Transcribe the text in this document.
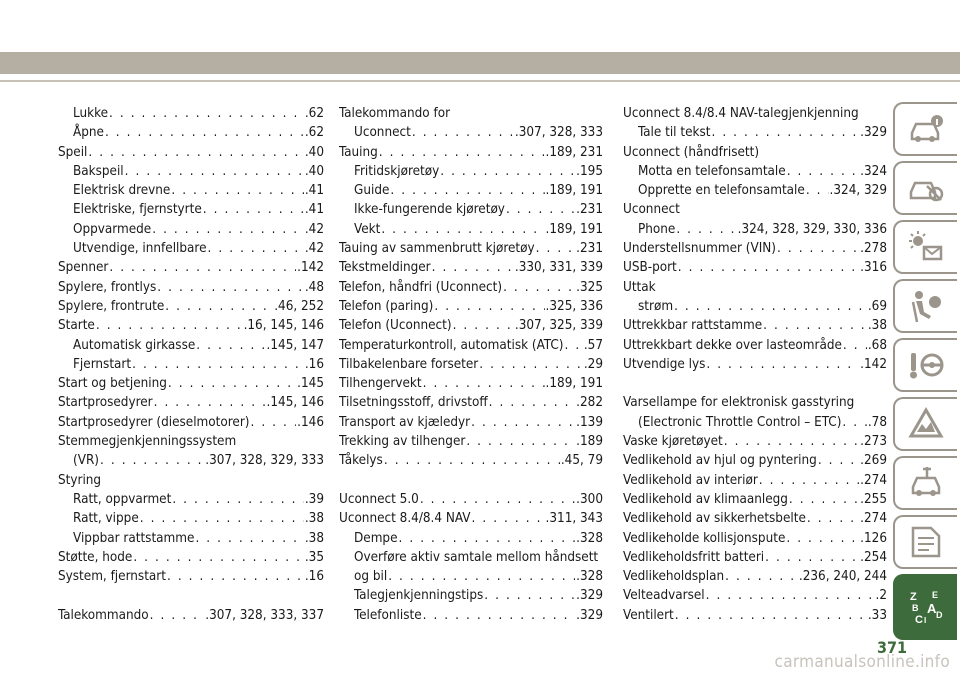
Lukke . . .	.62
Åpne . . .	.62
Speil . . .	.40
Bakspeil . . .	.40
Elektrisk drevne . . .	.41
Elektriske, fjernstyrte . . .	.41
Oppvarmede . . .	.42
Utvendige, innfellbare . . .	.42
Spenner . . .	.142
Spylere, frontlys . . .	.48
Spylere, frontrute . . .	.46, 252
Starte . . .	.16, 145, 146
Automatisk girkasse . . .	.145, 147
Fjernstart . . .	.16
Start og betjening . . .	.145
Startprosedyrer . . .	.145, 146
Startprosedyrer (dieselmotorer) . . .	.146
Stemmegjenkjenningssystem
(VR) . . .	.307, 328, 329, 333
Styring
Ratt, oppvarmet . . .	.39
Ratt, vippe . . .	.38
Vippbar rattstamme . . .	.38
Støtte, hode . . .	.35
System, fjernstart . . .	.16
Talekommando . . .	.307, 328, 333, 337
Talekommando for
Uconnect . . .	.307, 328, 333
Tauing . . .	.189, 231
Fritidskjøretøy . . .	.195
Guide . . .	.189, 191
Ikke-fungerende kjøretøy . . .	.231
Vekt . . .	.189, 191
Tauing av sammenbrutt kjøretøy . . .	.231
Tekstmeldinger . . .	.330, 331, 339
Telefon, håndfri (Uconnect) . . .	.325
Telefon (paring) . . .	.325, 336
Telefon (Uconnect) . . .	.307, 325, 339
Temperaturkontroll, automatisk (ATC) . . . .57
Tilbakelenbare forseter . . .	.29
Tilhengervekt . . .	.189, 191
Tilsetningsstoff, drivstoff . . .	.282
Transport av kjæledyr . . .	.139
Trekking av tilhenger . . .	.189
Tåkelys . . .	.45, 79
Uconnect 5.0 . . .	.300
Uconnect 8.4/8.4 NAV . . .	.311, 343
Dempe . . .	.328
Overføre aktiv samtale mellom håndsett
og bil . . .	.328
Talegjenkjenningstips . . .	.329
Telefonliste . . .	.329
Uconnect 8.4/8.4 NAV-talegjenkjenning
Tale til tekst . . .	.329
Uconnect (håndfrisett)
Motta en telefonsamtale . . .	.324
Opprette en telefonsamtale . . . .324, 329
Uconnect
Phone . . .	.324, 328, 329, 330, 336
Understellsnummer (VIN) . . .	.278
USB-port . . .	.316
Uttak
strøm . . .	.69
Uttrekkbar rattstamme . . .	.38
Uttrekkbart dekke over lasteområde . . . .68
Utvendige lys . . .	.142
Varsellampe for elektronisk gasstyring
(Electronic Throttle Control – ETC) . . . .78
Vaske kjøretøyet . . .	.273
Vedlikehold av hjul og pyntering . . .	.269
Vedlikehold av interiør . . .	.274
Vedlikehold av klimaanlegg . . .	.255
Vedlikehold av sikkerhetsbelte . . .	.274
Vedlikeholde kollisjonspute . . .	.126
Vedlikeholdsfritt batteri . . .	.254
Vedlikeholdsplan . . .	.236, 240, 244
Velteadvarsel . . .	.2
Ventilert . . .	.33
Z E
B A
C D
I
371
carmanualsonline.info
